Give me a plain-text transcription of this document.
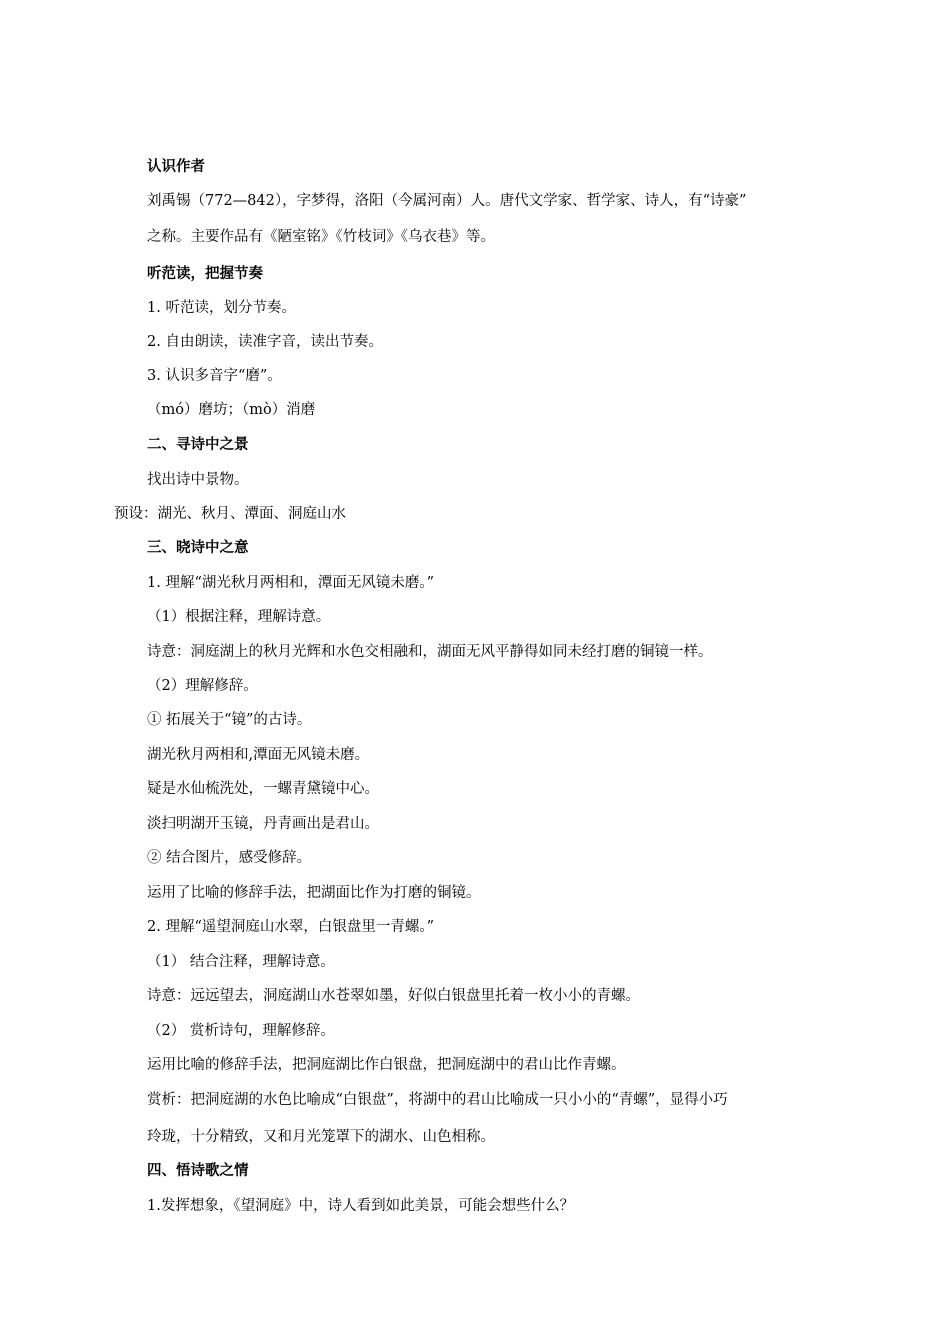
认识作者
刘禹锡（772—842），字梦得，洛阳（今属河南）人。唐代文学家、哲学家、诗人，有“诗豪”
之称。主要作品有《陋室铭》《竹枝词》《乌衣巷》等。
听范读，把握节奏
1. 听范读，划分节奏。
2. 自由朗读，读准字音，读出节奏。
3. 认识多音字“磨”。
（mó）磨坊；（mò）消磨
二、寻诗中之景
找出诗中景物。
预设：湖光、秋月、潭面、洞庭山水
三、晓诗中之意
1. 理解“湖光秋月两相和，潭面无风镜未磨。”
（1）根据注释，理解诗意。
诗意：洞庭湖上的秋月光辉和水色交相融和，湖面无风平静得如同未经打磨的铜镜一样。
（2）理解修辞。
① 拓展关于“镜”的古诗。
湖光秋月两相和,潭面无风镜未磨。
疑是水仙梳洗处，一螺青黛镜中心。
淡扫明湖开玉镜，丹青画出是君山。
② 结合图片，感受修辞。
运用了比喻的修辞手法，把湖面比作为打磨的铜镜。
2. 理解“遥望洞庭山水翠，白银盘里一青螺。”
（1） 结合注释，理解诗意。
诗意：远远望去，洞庭湖山水苍翠如墨，好似白银盘里托着一枚小小的青螺。
（2） 赏析诗句，理解修辞。
运用比喻的修辞手法，把洞庭湖比作白银盘，把洞庭湖中的君山比作青螺。
赏析：把洞庭湖的水色比喻成“白银盘”，将湖中的君山比喻成一只小小的“青螺”，显得小巧
玲珑，十分精致，又和月光笼罩下的湖水、山色相称。
四、悟诗歌之情
1.发挥想象，《望洞庭》中，诗人看到如此美景，可能会想些什么？
